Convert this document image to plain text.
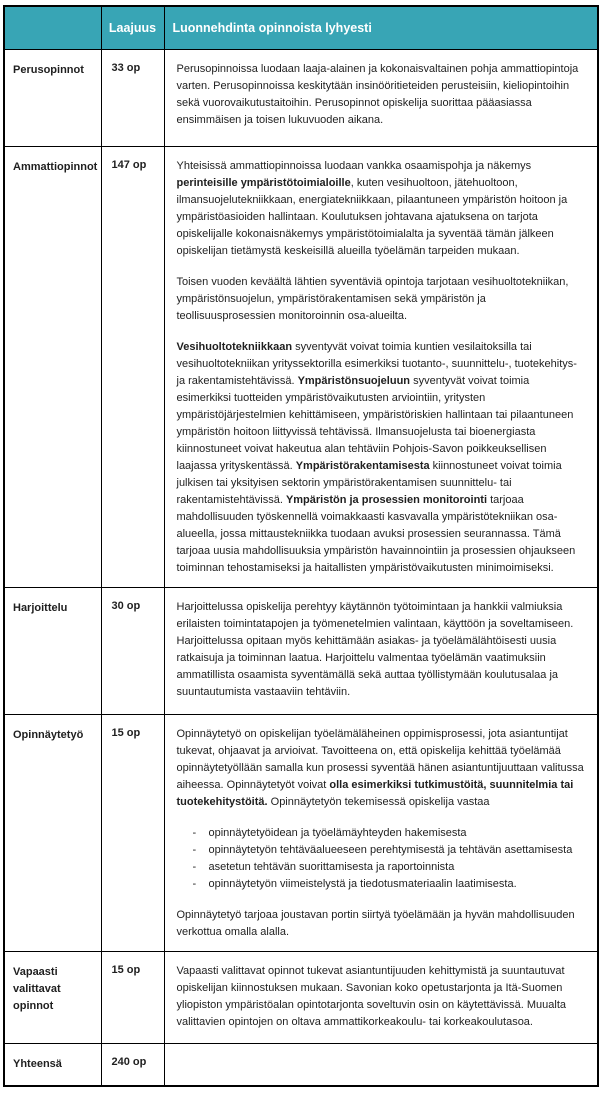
	Laajuus	Luonnehdinta opinnoista lyhyesti
Perusopinnot	33 op	Perusopinnoissa luodaan laaja-alainen ja kokonaisvaltainen pohja ammattiopintoja varten. Perusopinnoissa keskitytään insinööritieteiden perusteisiin, kieliopintoihin sekä vuorovaikutustaitoihin. Perusopinnot opiskelija suorittaa pääasiassa ensimmäisen ja toisen lukuvuoden aikana.

Ammattiopinnot	147 op	Yhteisissä ammattiopinnoissa luodaan vankka osaamispohja ja näkemys perinteisille ympäristötoimialoille, kuten vesihuoltoon, jätehuoltoon, ilmansuojelutekniikkaan, energiatekniikkaan, pilaantuneen ympäristön hoitoon ja ympäristöasioiden hallintaan. Koulutuksen johtavana ajatuksena on tarjota opiskelijalle kokonaisnäkemys ympäristötoimialalta ja syventää tämän jälkeen opiskelijan tietämystä keskeisillä alueilla työelämän tarpeiden mukaan.
Toisen vuoden keväältä lähtien syventäviä opintoja tarjotaan vesihuoltotekniikan, ympäristönsuojelun, ympäristörakentamisen sekä ympäristön ja teollisuusprosessien monitoroinnin osa-alueilta.
Vesihuoltotekniikkaan syventyvät voivat toimia kuntien vesilaitoksilla tai vesihuoltotekniikan yrityssektorilla esimerkiksi tuotanto-, suunnittelu-, tuotekehitys- ja rakentamistehtävissä. Ympäristönsuojeluun syventyvät voivat toimia esimerkiksi tuotteiden ympäristövaikutusten arviointiin, yritysten ympäristöjärjestelmien kehittämiseen, ympäristöriskien hallintaan tai pilaantuneen ympäristön hoitoon liittyvissä tehtävissä. Ilmansuojelusta tai bioenergiasta kiinnostuneet voivat hakeutua alan tehtäviin Pohjois-Savon poikkeuksellisen laajassa yrityskentässä. Ympäristörakentamisesta kiinnostuneet voivat toimia julkisen tai yksityisen sektorin ympäristörakentamisen suunnittelu- tai rakentamistehtävissä. Ympäristön ja prosessien monitorointi tarjoaa mahdollisuuden työskennellä voimakkaasti kasvavalla ympäristötekniikan osa-alueella, jossa mittaustekniikka tuodaan avuksi prosessien seurannassa. Tämä tarjoaa uusia mahdollisuuksia ympäristön havainnointiin ja prosessien ohjaukseen toiminnan tehostamiseksi ja haitallisten ympäristövaikutusten minimoimiseksi.

Harjoittelu	30 op	Harjoittelussa opiskelija perehtyy käytännön työtoimintaan ja hankkii valmiuksia erilaisten toimintatapojen ja työmenetelmien valintaan, käyttöön ja soveltamiseen. Harjoittelussa opitaan myös kehittämään asiakas- ja työelämälähtöisesti uusia ratkaisuja ja toiminnan laatua. Harjoittelu valmentaa työelämän vaatimuksiin ammatillista osaamista syventämällä sekä auttaa työllistymään koulutusalaa ja suuntautumista vastaaviin tehtäviin.

Opinnäytetyö	15 op	Opinnäytetyö on opiskelijan työelämäläheinen oppimisprosessi, jota asiantuntijat tukevat, ohjaavat ja arvioivat. Tavoitteena on, että opiskelija kehittää työelämää opinnäytetyöllään samalla kun prosessi syventää hänen asiantuntijuuttaan valitussa aiheessa. Opinnäytetyöt voivat olla esimerkiksi tutkimustöitä, suunnitelmia tai tuotekehitystöitä. Opinnäytetyön tekemisessä opiskelija vastaa
- opinnäytetyöidean ja työelämäyhteyden hakemisesta
- opinnäytetyön tehtäväalueeseen perehtymisestä ja tehtävän asettamisesta
- asetetun tehtävän suorittamisesta ja raportoinnista
- opinnäytetyön viimeistelystä ja tiedotusmateriaalin laatimisesta.
Opinnäytetyö tarjoaa joustavan portin siirtyä työelämään ja hyvän mahdollisuuden verkottua omalla alalla.

Vapaasti valittavat opinnot	15 op	Vapaasti valittavat opinnot tukevat asiantuntijuuden kehittymistä ja suuntautuvat opiskelijan kiinnostuksen mukaan. Savonian koko opetustarjonta ja Itä-Suomen yliopiston ympäristöalan opintotarjonta soveltuvin osin on käytettävissä. Muualta valittavien opintojen on oltava ammattikorkeakoulu- tai korkeakoulutasoa.

Yhteensä	240 op	
